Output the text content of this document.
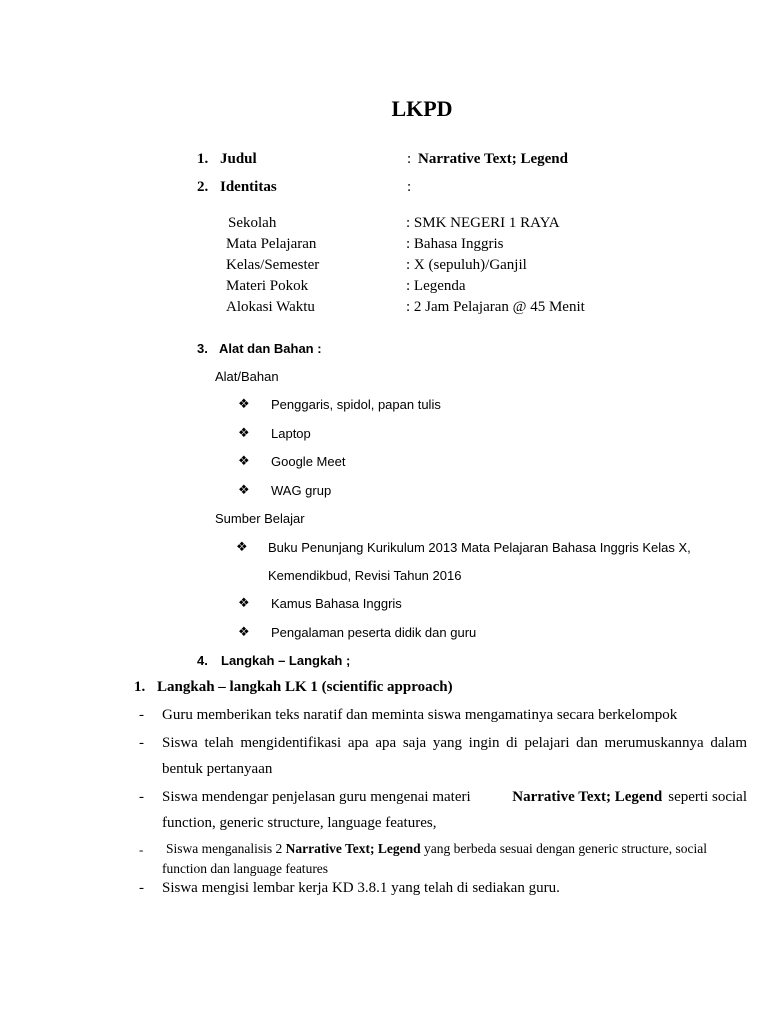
LKPD
1. Judul	: Narrative Text; Legend
2. Identitas	:
Sekolah	: SMK NEGERI 1 RAYA
Mata Pelajaran	: Bahasa Inggris
Kelas/Semester	: X (sepuluh)/Ganjil
Materi Pokok	: Legenda
Alokasi Waktu	: 2 Jam Pelajaran @ 45 Menit
3. Alat dan Bahan :
Alat/Bahan
❖ Penggaris, spidol, papan tulis
❖ Laptop
❖ Google Meet
❖ WAG grup
Sumber Belajar
❖ Buku Penunjang Kurikulum 2013 Mata Pelajaran Bahasa Inggris Kelas X,
Kemendikbud, Revisi Tahun 2016
❖ Kamus Bahasa Inggris
❖ Pengalaman peserta didik dan guru
4. Langkah – Langkah ;
1. Langkah – langkah LK 1 (scientific approach)
- Guru memberikan teks naratif dan meminta siswa mengamatinya secara berkelompok
- Siswa telah mengidentifikasi apa apa saja yang ingin di pelajari dan merumuskannya dalam
bentuk pertanyaan
- Siswa mendengar penjelasan guru mengenai materi	Narrative Text; Legend seperti social
function, generic structure, language features,
- Siswa menganalisis 2 Narrative Text; Legend yang berbeda sesuai dengan generic structure, social
function dan language features
- Siswa mengisi lembar kerja KD 3.8.1 yang telah di sediakan guru.
